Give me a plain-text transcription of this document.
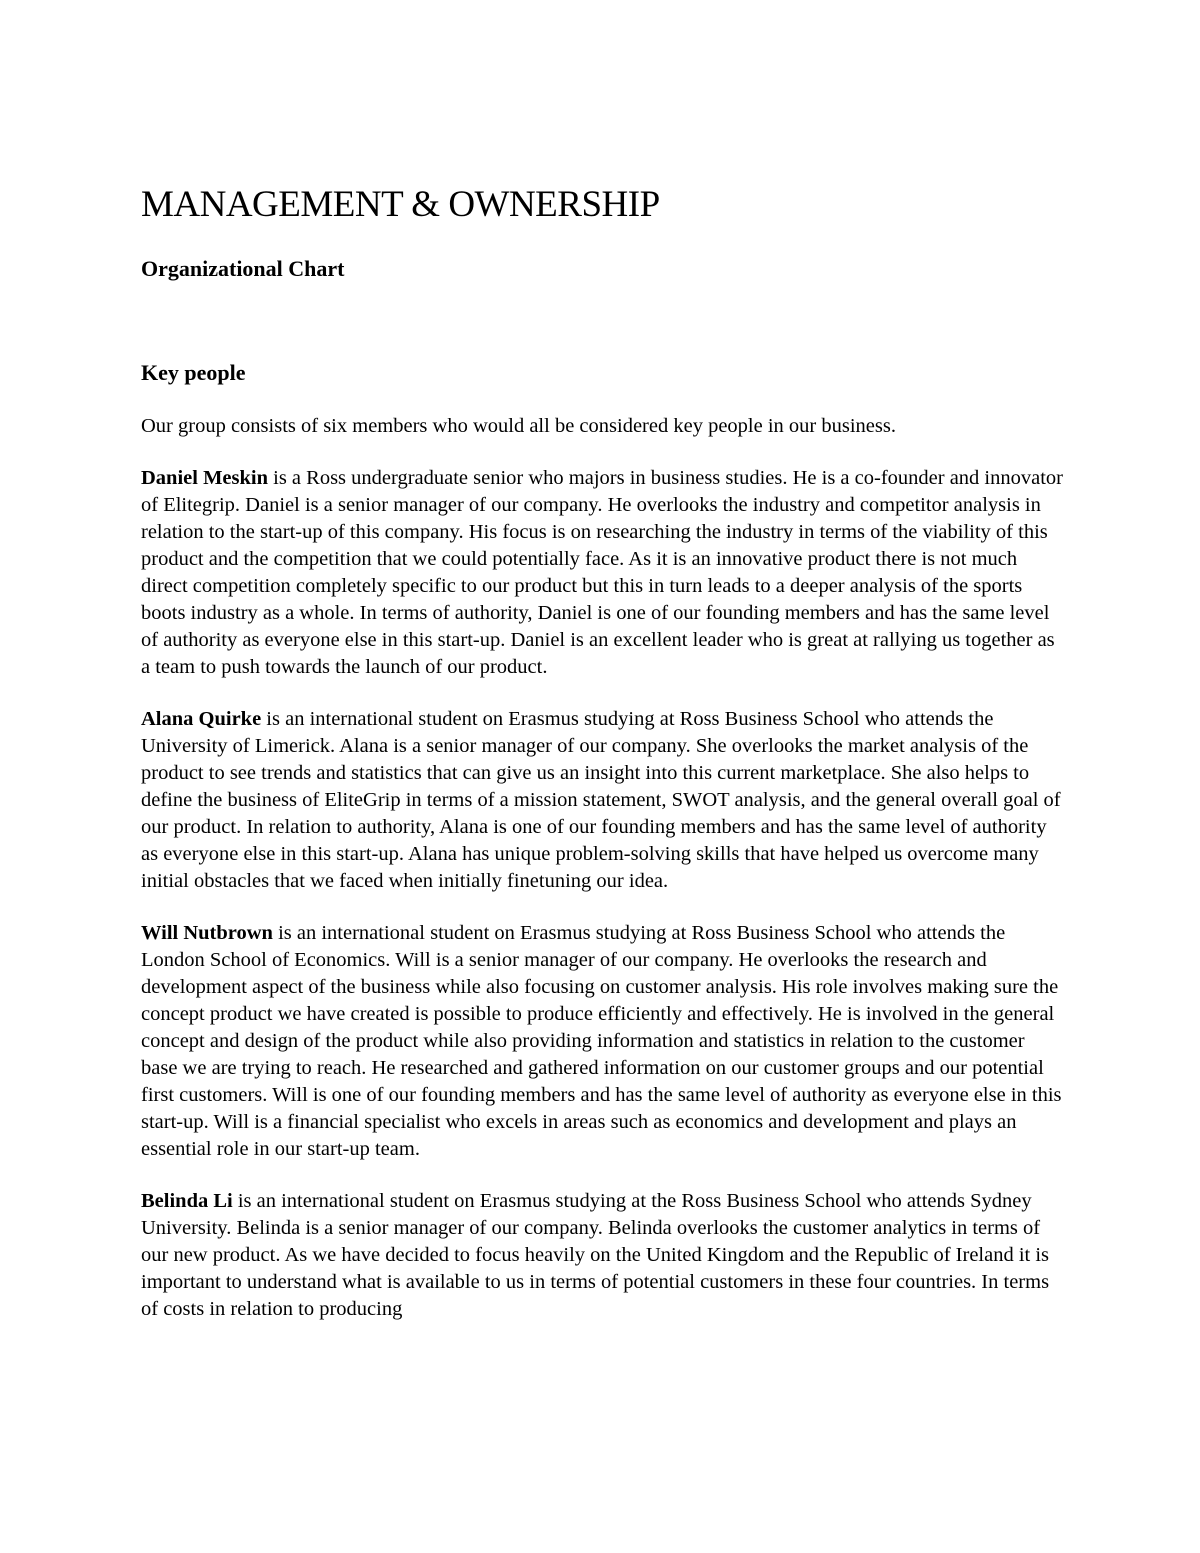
MANAGEMENT & OWNERSHIP
Organizational Chart
Key people

Our group consists of six members who would all be considered key people in our business.

Daniel Meskin is a Ross undergraduate senior who majors in business studies. He is a co-founder and innovator of Elitegrip. Daniel is a senior manager of our company. He overlooks the industry and competitor analysis in relation to the start-up of this company. His focus is on researching the industry in terms of the viability of this product and the competition that we could potentially face. As it is an innovative product there is not much direct competition completely specific to our product but this in turn leads to a deeper analysis of the sports boots industry as a whole. In terms of authority, Daniel is one of our founding members and has the same level of authority as everyone else in this start-up. Daniel is an excellent leader who is great at rallying us together as a team to push towards the launch of our product.

Alana Quirke is an international student on Erasmus studying at Ross Business School who attends the University of Limerick. Alana is a senior manager of our company. She overlooks the market analysis of the product to see trends and statistics that can give us an insight into this current marketplace. She also helps to define the business of EliteGrip in terms of a mission statement, SWOT analysis, and the general overall goal of our product. In relation to authority, Alana is one of our founding members and has the same level of authority as everyone else in this start-up. Alana has unique problem-solving skills that have helped us overcome many initial obstacles that we faced when initially finetuning our idea.

Will Nutbrown is an international student on Erasmus studying at Ross Business School who attends the London School of Economics. Will is a senior manager of our company. He overlooks the research and development aspect of the business while also focusing on customer analysis. His role involves making sure the concept product we have created is possible to produce efficiently and effectively. He is involved in the general concept and design of the product while also providing information and statistics in relation to the customer base we are trying to reach. He researched and gathered information on our customer groups and our potential first customers. Will is one of our founding members and has the same level of authority as everyone else in this start-up. Will is a financial specialist who excels in areas such as economics and development and plays an essential role in our start-up team.

Belinda Li is an international student on Erasmus studying at the Ross Business School who attends Sydney University. Belinda is a senior manager of our company. Belinda overlooks the customer analytics in terms of our new product. As we have decided to focus heavily on the United Kingdom and the Republic of Ireland it is important to understand what is available to us in terms of potential customers in these four countries. In terms of costs in relation to producing
